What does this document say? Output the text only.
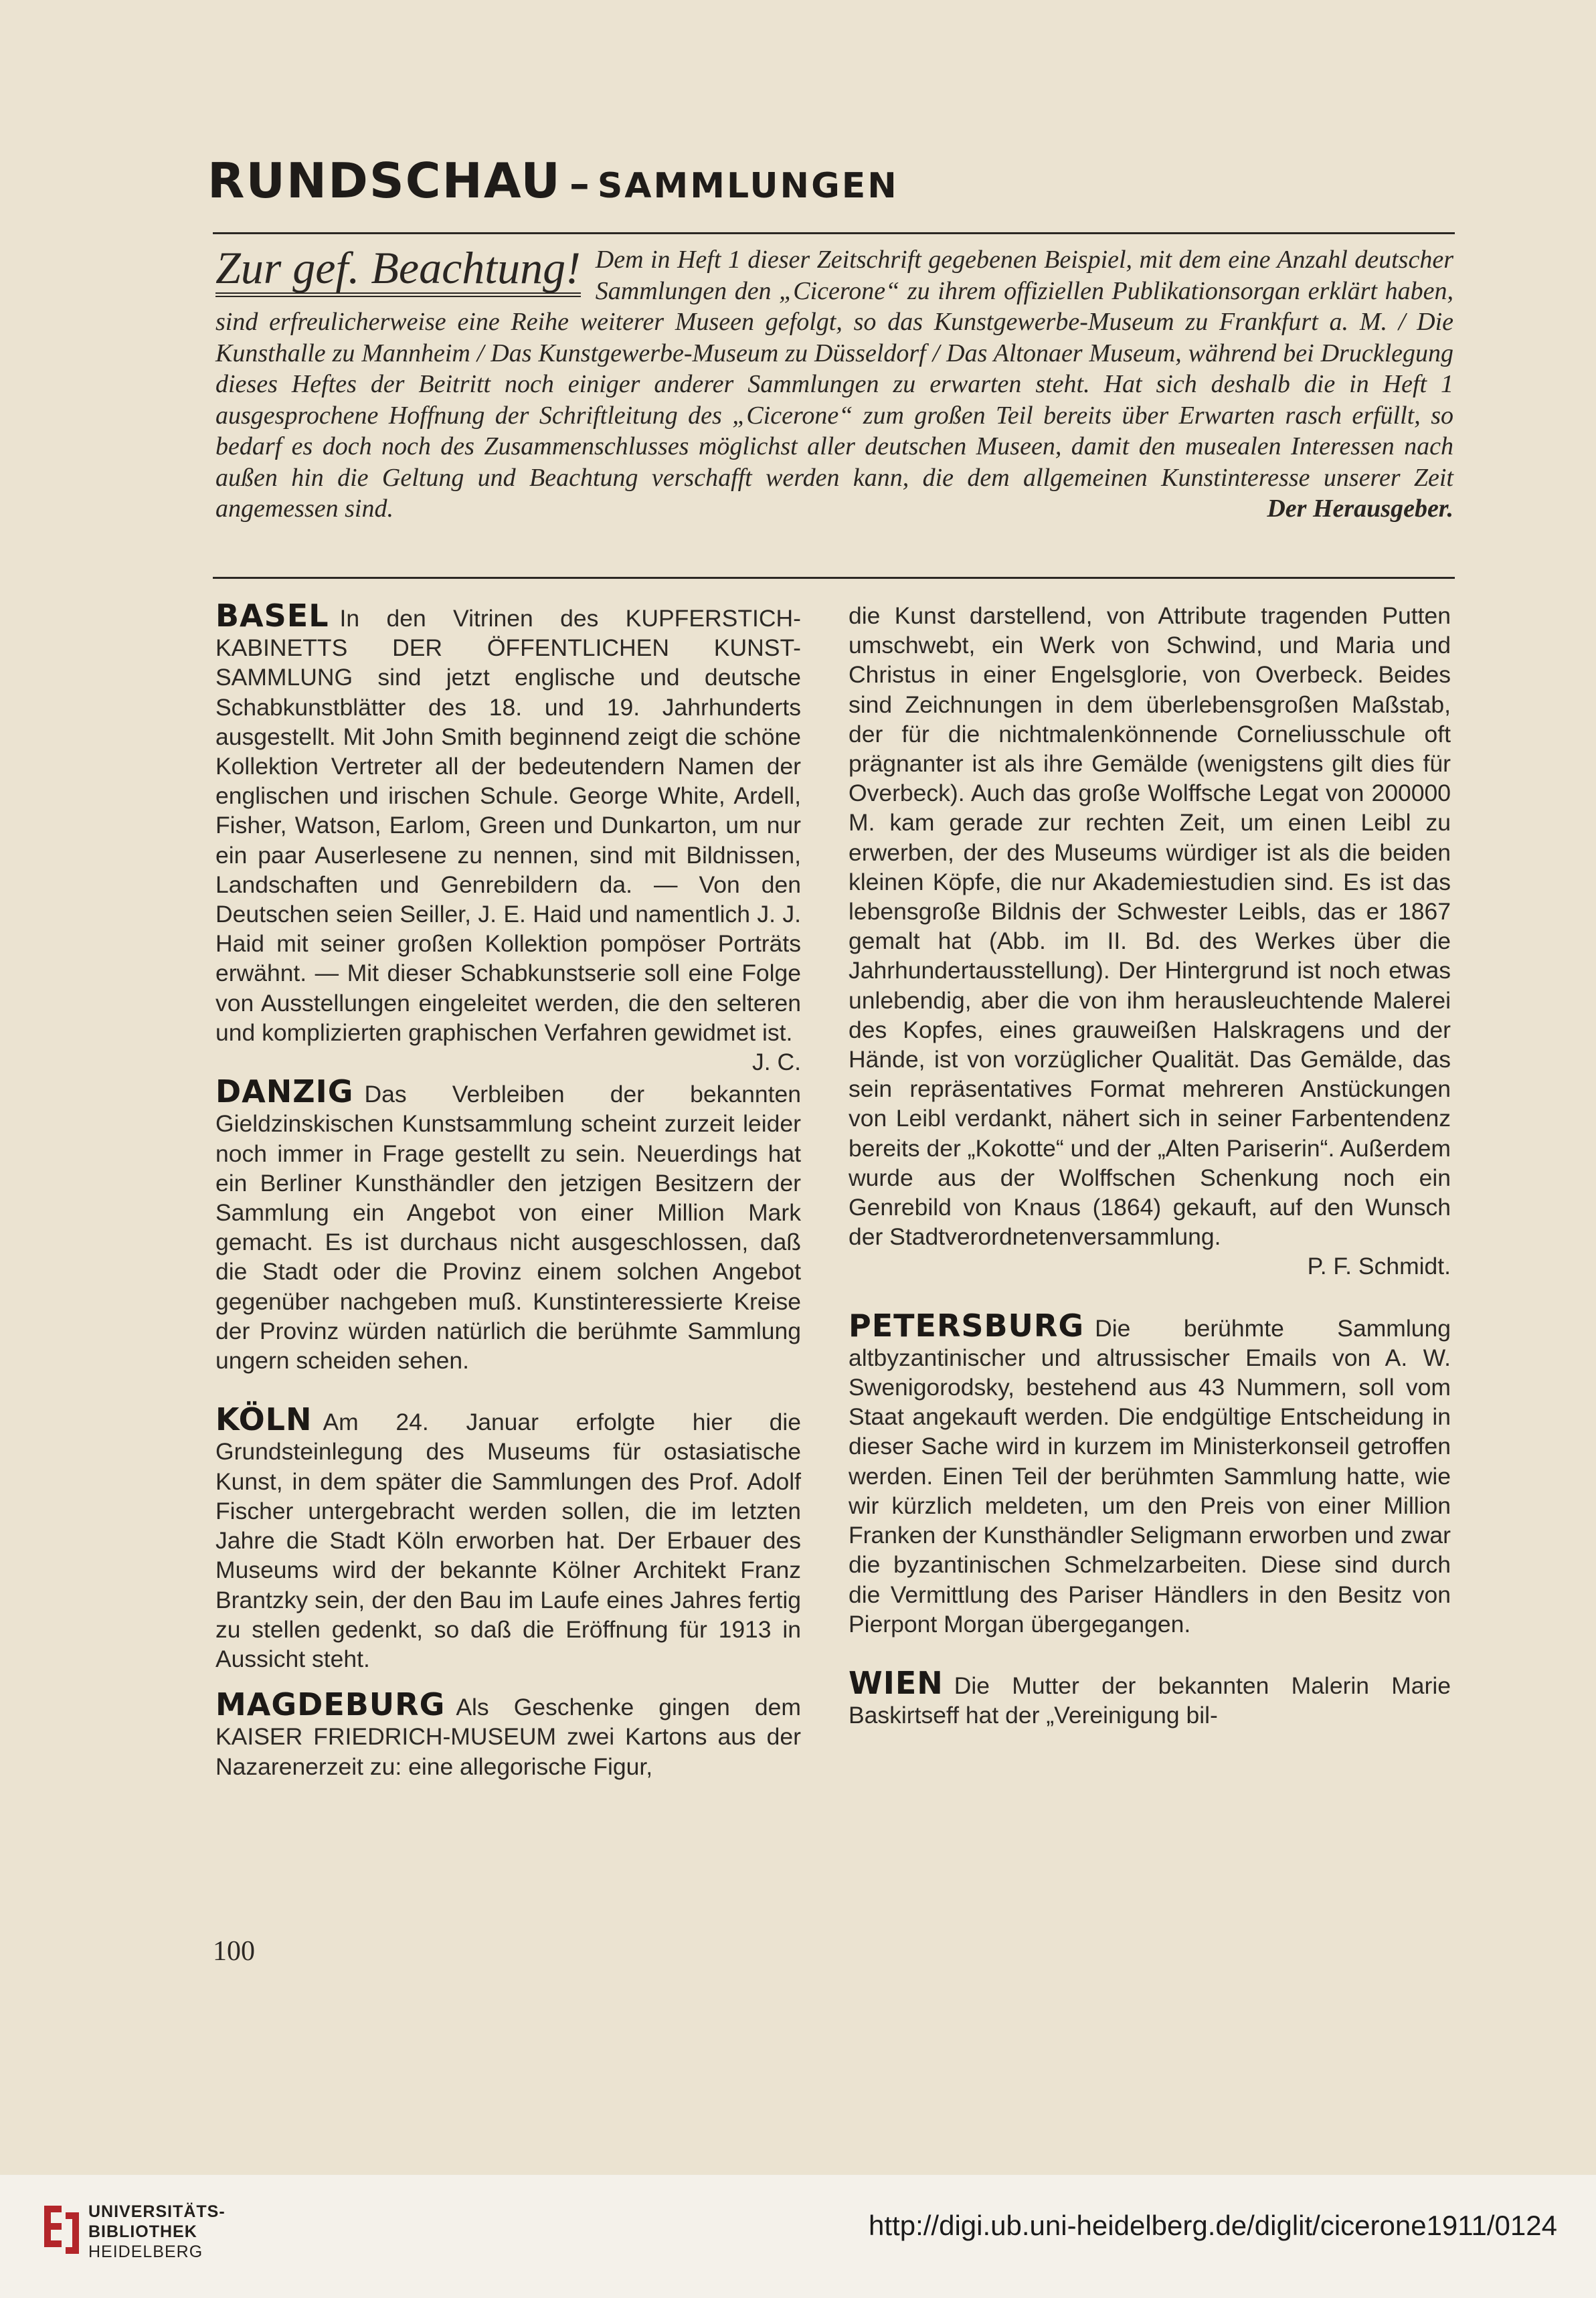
RUNDSCHAU – SAMMLUNGEN
Zur gef. Beachtung! Dem in Heft 1 dieser Zeitschrift gegebenen Beispiel, mit dem eine Anzahl deutscher Sammlungen den „Cicerone“ zu ihrem offiziellen Publikationsorgan erklärt haben, sind erfreulicherweise eine Reihe weiterer Museen gefolgt, so das Kunstgewerbe-Museum zu Frankfurt a. M. / Die Kunsthalle zu Mannheim / Das Kunstgewerbe-Museum zu Düsseldorf / Das Altonaer Museum, während bei Drucklegung dieses Heftes der Beitritt noch einiger anderer Sammlungen zu erwarten steht. Hat sich deshalb die in Heft 1 ausgesprochene Hoffnung der Schriftleitung des „Cicerone“ zum großen Teil bereits über Erwarten rasch erfüllt, so bedarf es doch noch des Zusammenschlusses möglichst aller deutschen Museen, damit den musealen Interessen nach außen hin die Geltung und Beachtung verschafft werden kann, die dem allgemeinen Kunstinteresse unserer Zeit angemessen sind.	Der Herausgeber.

BASEL In den Vitrinen des KUPFERSTICH-KABINETTS DER ÖFFENTLICHEN KUNST-SAMMLUNG sind jetzt englische und deutsche Schabkunstblätter des 18. und 19. Jahrhunderts ausgestellt. Mit John Smith beginnend zeigt die schöne Kollektion Vertreter all der bedeutendern Namen der englischen und irischen Schule. George White, Ardell, Fisher, Watson, Earlom, Green und Dunkarton, um nur ein paar Auserlesene zu nennen, sind mit Bildnissen, Landschaften und Genrebildern da. — Von den Deutschen seien Seiller, J. E. Haid und namentlich J. J. Haid mit seiner großen Kollektion pompöser Porträts erwähnt. — Mit dieser Schabkunstserie soll eine Folge von Ausstellungen eingeleitet werden, die den selteren und komplizierten graphischen Verfahren gewidmet ist.

J. C.

DANZIG Das Verbleiben der bekannten Gieldzinskischen Kunstsammlung scheint zurzeit leider noch immer in Frage gestellt zu sein. Neuerdings hat ein Berliner Kunsthändler den jetzigen Besitzern der Sammlung ein Angebot von einer Million Mark gemacht. Es ist durchaus nicht ausgeschlossen, daß die Stadt oder die Provinz einem solchen Angebot gegenüber nachgeben muß. Kunstinteressierte Kreise der Provinz würden natürlich die berühmte Sammlung ungern scheiden sehen.

KÖLN Am 24. Januar erfolgte hier die Grundsteinlegung des Museums für ostasiatische Kunst, in dem später die Sammlungen des Prof. Adolf Fischer untergebracht werden sollen, die im letzten Jahre die Stadt Köln erworben hat. Der Erbauer des Museums wird der bekannte Kölner Architekt Franz Brantzky sein, der den Bau im Laufe eines Jahres fertig zu stellen gedenkt, so daß die Eröffnung für 1913 in Aussicht steht.

MAGDEBURG Als Geschenke gingen dem KAISER FRIEDRICH-MUSEUM zwei Kartons aus der Nazarenerzeit zu: eine allegorische Figur,

die Kunst darstellend, von Attribute tragenden Putten umschwebt, ein Werk von Schwind, und Maria und Christus in einer Engelsglorie, von Overbeck. Beides sind Zeichnungen in dem überlebensgroßen Maßstab, der für die nichtmalenkönnende Corneliusschule oft prägnanter ist als ihre Gemälde (wenigstens gilt dies für Overbeck). Auch das große Wolffsche Legat von 200000 M. kam gerade zur rechten Zeit, um einen Leibl zu erwerben, der des Museums würdiger ist als die beiden kleinen Köpfe, die nur Akademiestudien sind. Es ist das lebensgroße Bildnis der Schwester Leibls, das er 1867 gemalt hat (Abb. im II. Bd. des Werkes über die Jahrhundertausstellung). Der Hintergrund ist noch etwas unlebendig, aber die von ihm herausleuchtende Malerei des Kopfes, eines grauweißen Halskragens und der Hände, ist von vorzüglicher Qualität. Das Gemälde, das sein repräsentatives Format mehreren Anstückungen von Leibl verdankt, nähert sich in seiner Farbentendenz bereits der „Kokotte“ und der „Alten Pariserin“. Außerdem wurde aus der Wolffschen Schenkung noch ein Genrebild von Knaus (1864) gekauft, auf den Wunsch der Stadtverordnetenversammlung.

P. F. Schmidt.

PETERSBURG Die berühmte Sammlung altbyzantinischer und altrussischer Emails von A. W. Swenigorodsky, bestehend aus 43 Nummern, soll vom Staat angekauft werden. Die endgültige Entscheidung in dieser Sache wird in kurzem im Ministerkonseil getroffen werden. Einen Teil der berühmten Sammlung hatte, wie wir kürzlich meldeten, um den Preis von einer Million Franken der Kunsthändler Seligmann erworben und zwar die byzantinischen Schmelzarbeiten. Diese sind durch die Vermittlung des Pariser Händlers in den Besitz von Pierpont Morgan übergegangen.

WIEN Die Mutter der bekannten Malerin Marie Baskirtseff hat der „Vereinigung bil-

100
UNIVERSITÄTS-
BIBLIOTHEK
HEIDELBERG
http://digi.ub.uni-heidelberg.de/diglit/cicerone1911/0124
